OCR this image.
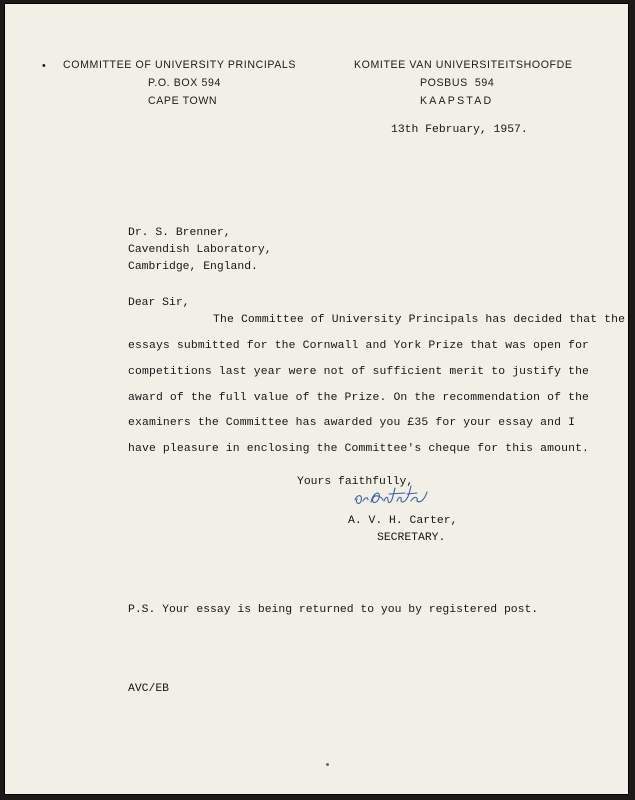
• COMMITTEE OF UNIVERSITY PRINCIPALS
P.O. BOX 594
CAPE TOWN
KOMITEE VAN UNIVERSITEITSHOOFDE
POSBUS  594
KAAPSTAD
13th February, 1957.
Dr. S. Brenner,
Cavendish Laboratory,
Cambridge, England.
Dear Sir,
The Committee of University Principals has decided that the
essays submitted for the Cornwall and York Prize that was open for
competitions last year were not of sufficient merit to justify the
award of the full value of the Prize. On the recommendation of the
examiners the Committee has awarded you £35 for your essay and I
have pleasure in enclosing the Committee's cheque for this amount.
Yours faithfully,
A. V. H. Carter,
SECRETARY.
P.S. Your essay is being returned to you by registered post.
AVC/EB
